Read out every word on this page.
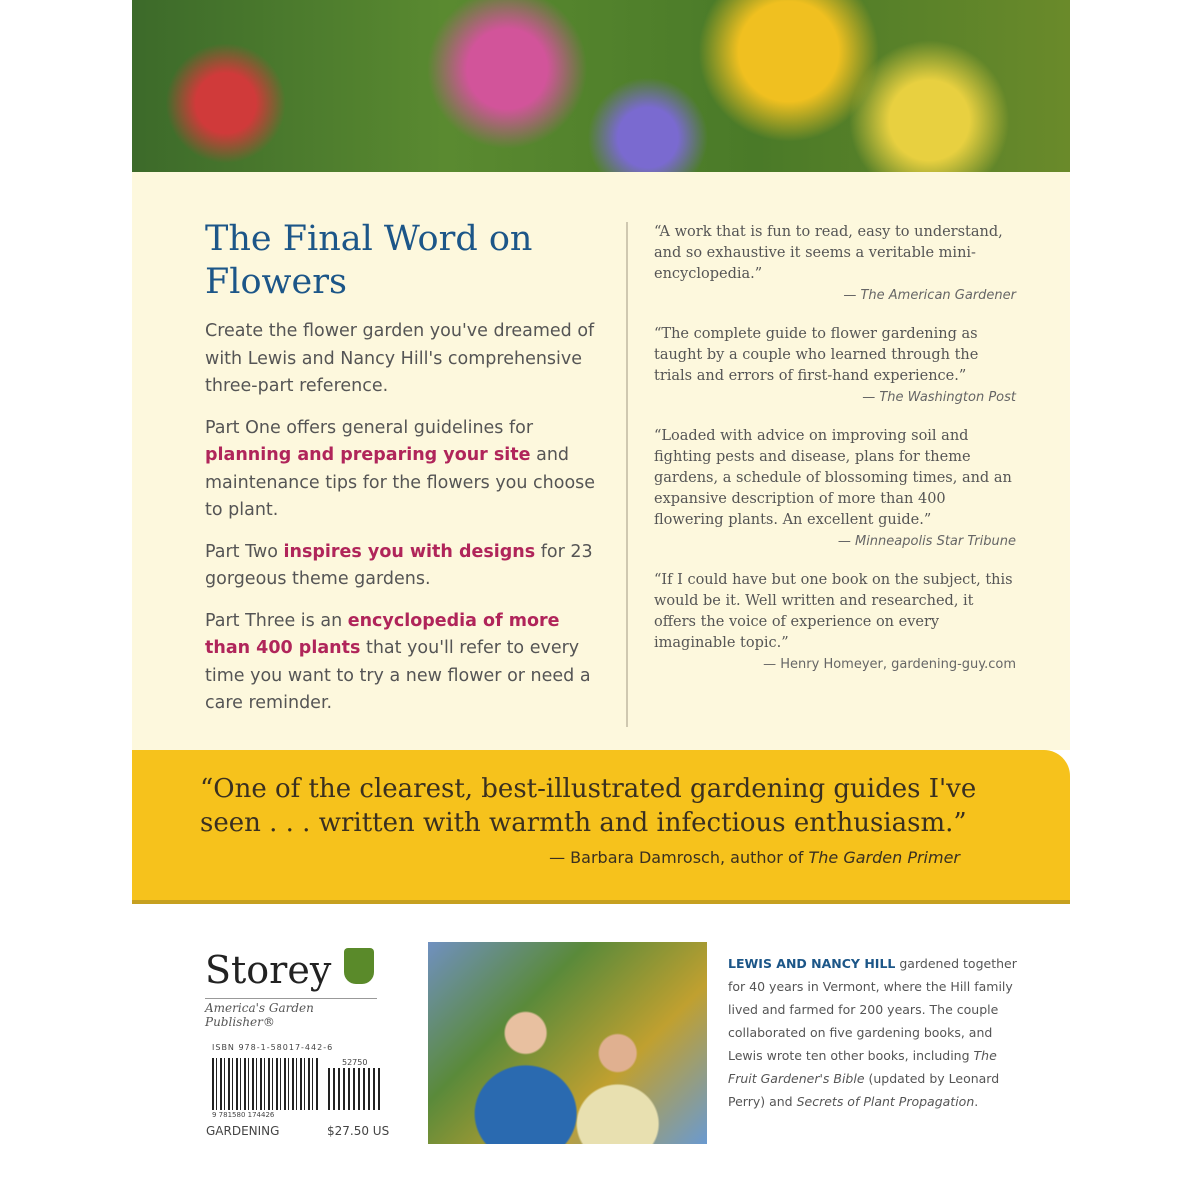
The Final Word on Flowers

Create the flower garden you've dreamed of with Lewis and Nancy Hill's comprehensive three-part reference.

Part One offers general guidelines for planning and preparing your site and maintenance tips for the flowers you choose to plant.

Part Two inspires you with designs for 23 gorgeous theme gardens.

Part Three is an encyclopedia of more than 400 plants that you'll refer to every time you want to try a new flower or need a care reminder.

“A work that is fun to read, easy to understand, and so exhaustive it seems a veritable mini-encyclopedia.”
— The American Gardener
“The complete guide to flower gardening as taught by a couple who learned through the trials and errors of first-hand experience.”
— The Washington Post
“Loaded with advice on improving soil and fighting pests and disease, plans for theme gardens, a schedule of blossoming times, and an expansive description of more than 400 flowering plants. An excellent guide.”
— Minneapolis Star Tribune
“If I could have but one book on the subject, this would be it. Well written and researched, it offers the voice of experience on every imaginable topic.”
— Henry Homeyer, gardening-guy.com
“One of the clearest, best-illustrated gardening guides I've seen . . . written with warmth and infectious enthusiasm.”
— Barbara Damrosch, author of The Garden Primer
Storey
America's Garden Publisher®
ISBN 978-1-58017-442-6
52750
9 781580 174426
GARDENING	$27.50 US
LEWIS AND NANCY HILL gardened together for 40 years in Vermont, where the Hill family lived and farmed for 200 years. The couple collaborated on five gardening books, and Lewis wrote ten other books, including The Fruit Gardener's Bible (updated by Leonard Perry) and Secrets of Plant Propagation.
